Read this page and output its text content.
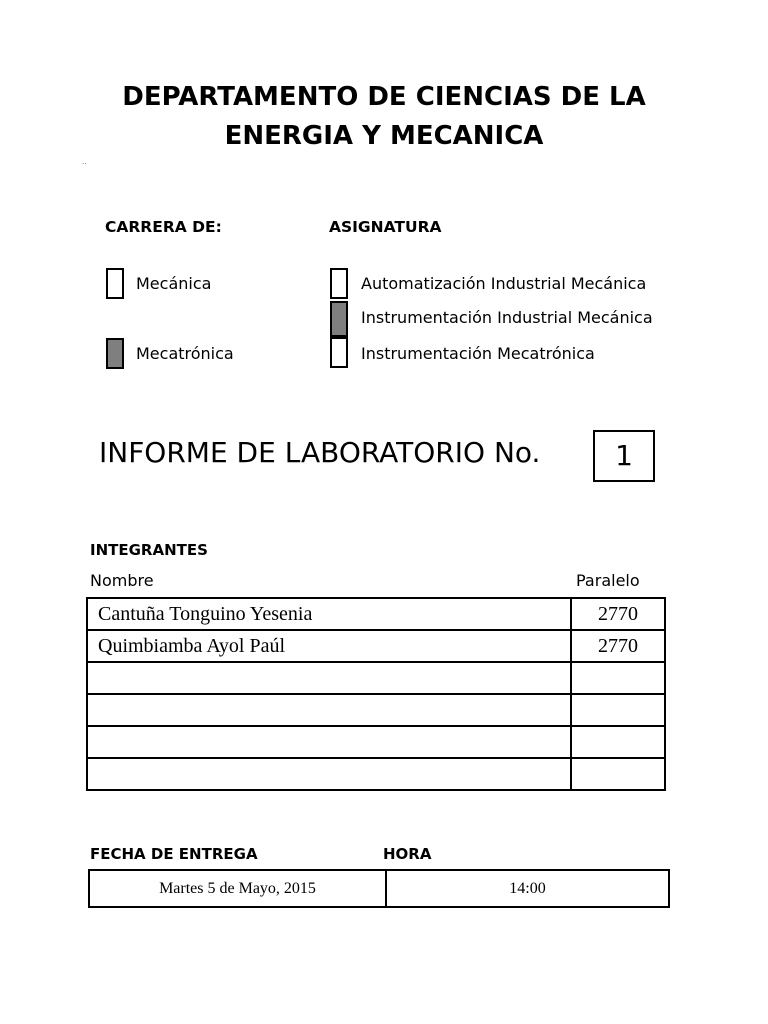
DEPARTAMENTO DE CIENCIAS DE LA
ENERGIA Y MECANICA
..
CARRERA DE:
Mecánica
Mecatrónica
ASIGNATURA
Automatización Industrial Mecánica
Instrumentación Industrial Mecánica
Instrumentación Mecatrónica
INFORME DE LABORATORIO No.	1
INTEGRANTES
Nombre	Paralelo
Cantuña Tonguino Yesenia	2770
Quimbiamba Ayol Paúl	2770

FECHA DE ENTREGA	HORA
Martes 5 de Mayo, 2015	14:00
